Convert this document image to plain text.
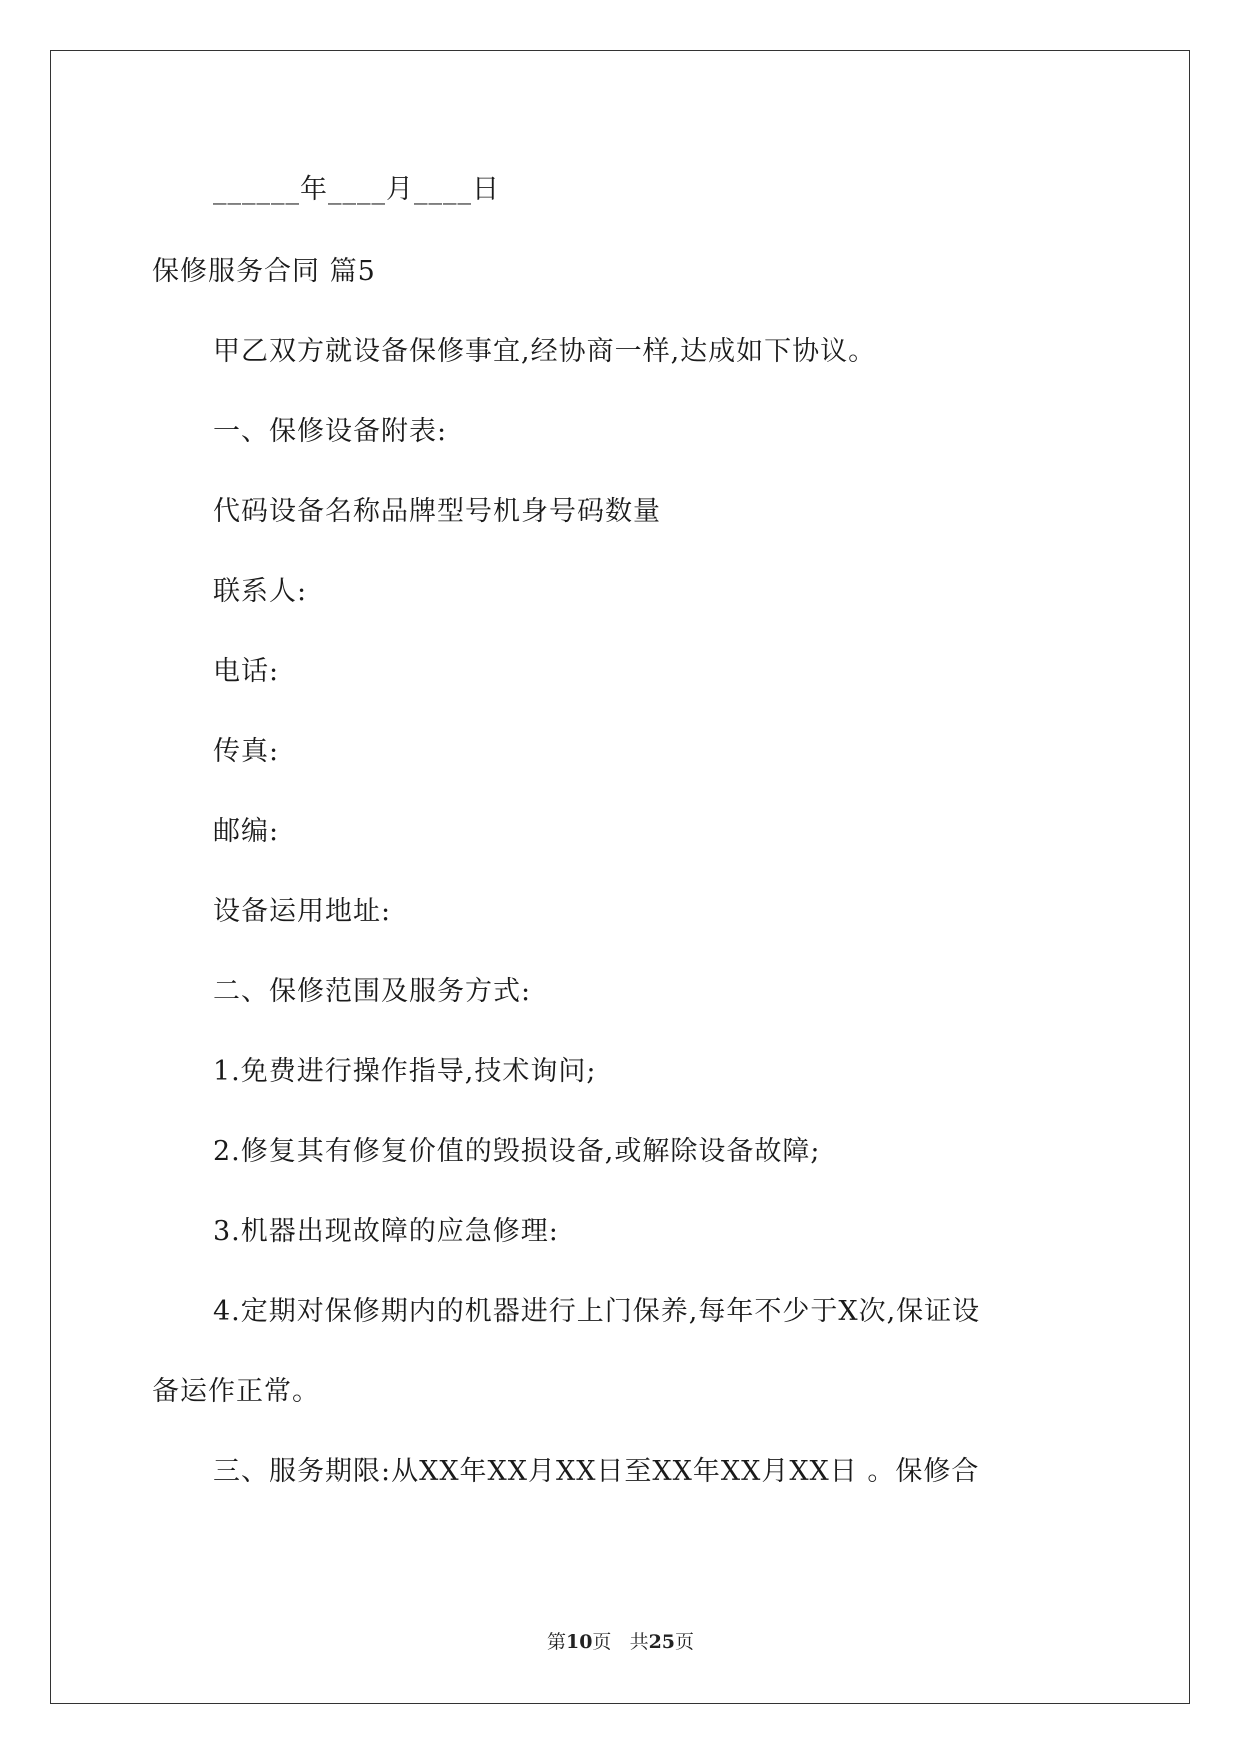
______年____月____日
保修服务合同 篇5
甲乙双方就设备保修事宜,经协商一样,达成如下协议。
一、保修设备附表:
代码设备名称品牌型号机身号码数量
联系人:
电话:
传真:
邮编:
设备运用地址:
二、保修范围及服务方式:
1.免费进行操作指导,技术询问;
2.修复其有修复价值的毁损设备,或解除设备故障;
3.机器出现故障的应急修理:
4.定期对保修期内的机器进行上门保养,每年不少于X次,保证设
备运作正常。
三、服务期限:从XX年XX月XX日至XX年XX月XX日 。保修合
第10页 共25页
